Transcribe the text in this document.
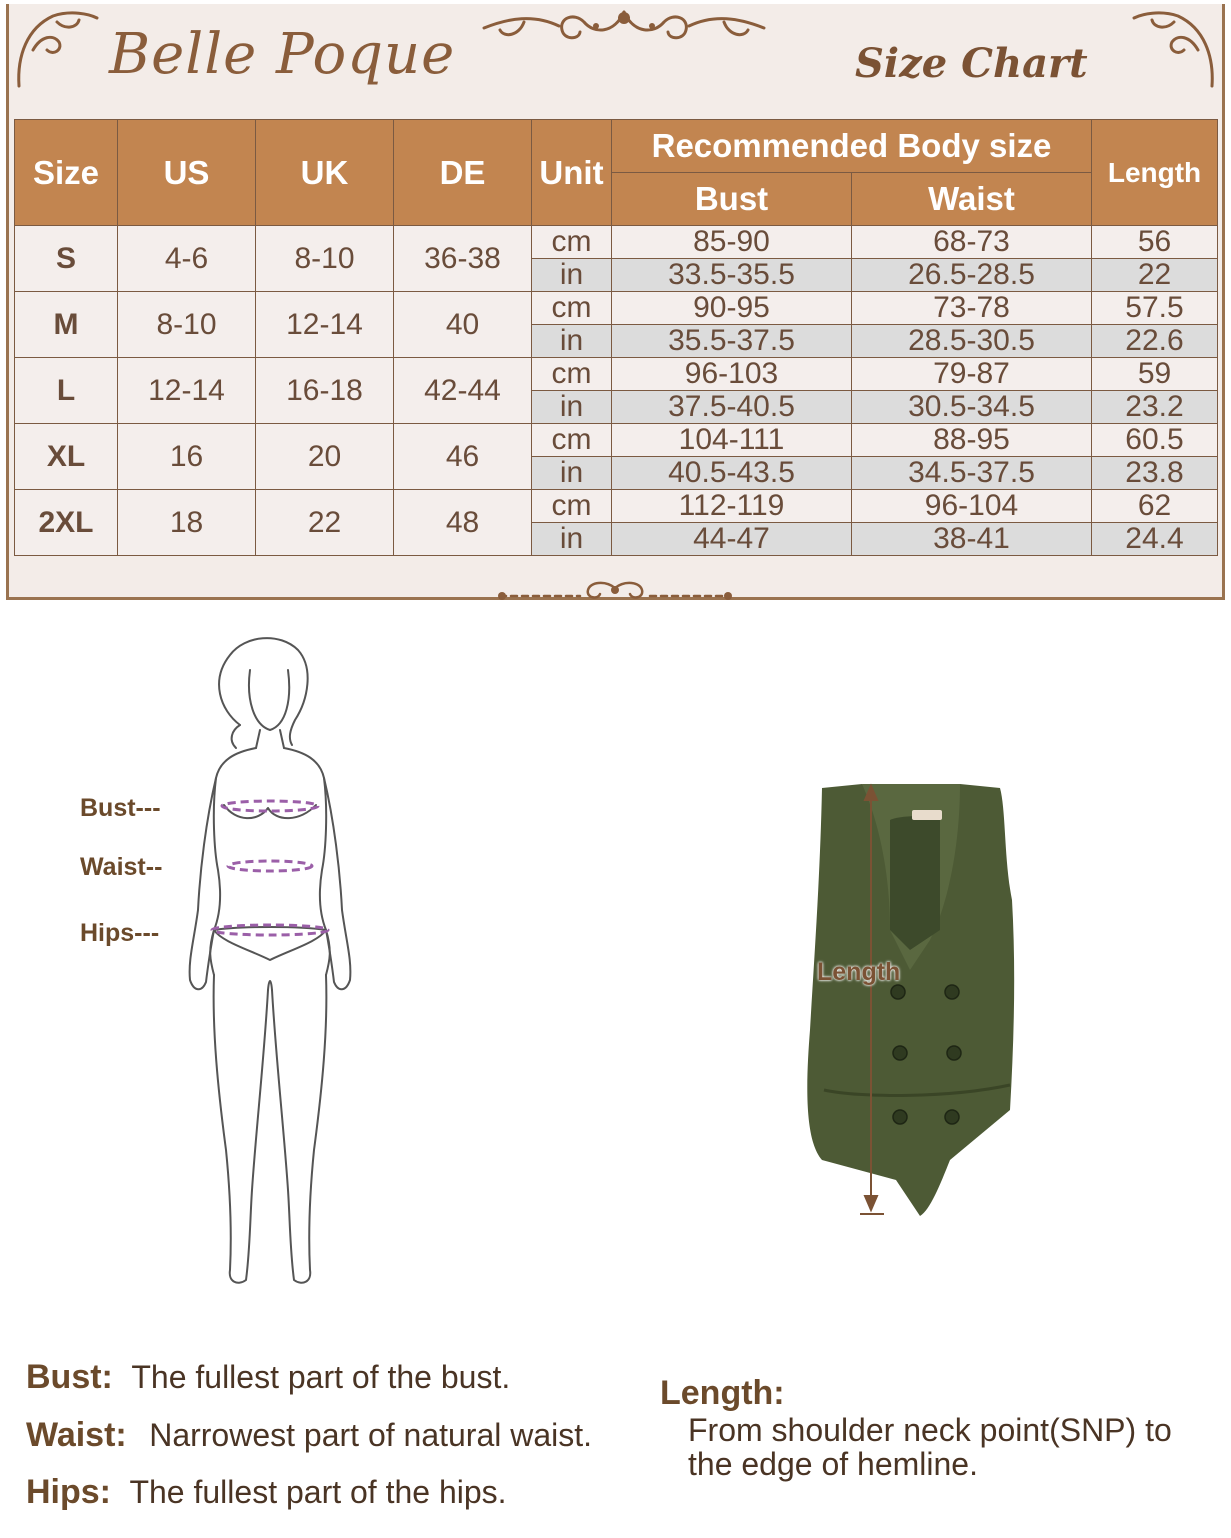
Belle Poque	Size Chart
Size	US	UK	DE	Unit	Recommended Body size		Length
					Bust	Waist	
S	4-6	8-10	36-38	cm	85-90	68-73	56
				in	33.5-35.5	26.5-28.5	22
M	8-10	12-14	40	cm	90-95	73-78	57.5
				in	35.5-37.5	28.5-30.5	22.6
L	12-14	16-18	42-44	cm	96-103	79-87	59
				in	37.5-40.5	30.5-34.5	23.2
XL	16	20	46	cm	104-111	88-95	60.5
				in	40.5-43.5	34.5-37.5	23.8
2XL	18	22	48	cm	112-119	96-104	62
				in	44-47	38-41	24.4
Bust---
Waist--
Hips---
Length
Bust: The fullest part of the bust.
Waist: Narrowest part of natural waist.
Hips: The fullest part of the hips.
Length:
From shoulder neck point(SNP) to the edge of hemline.
